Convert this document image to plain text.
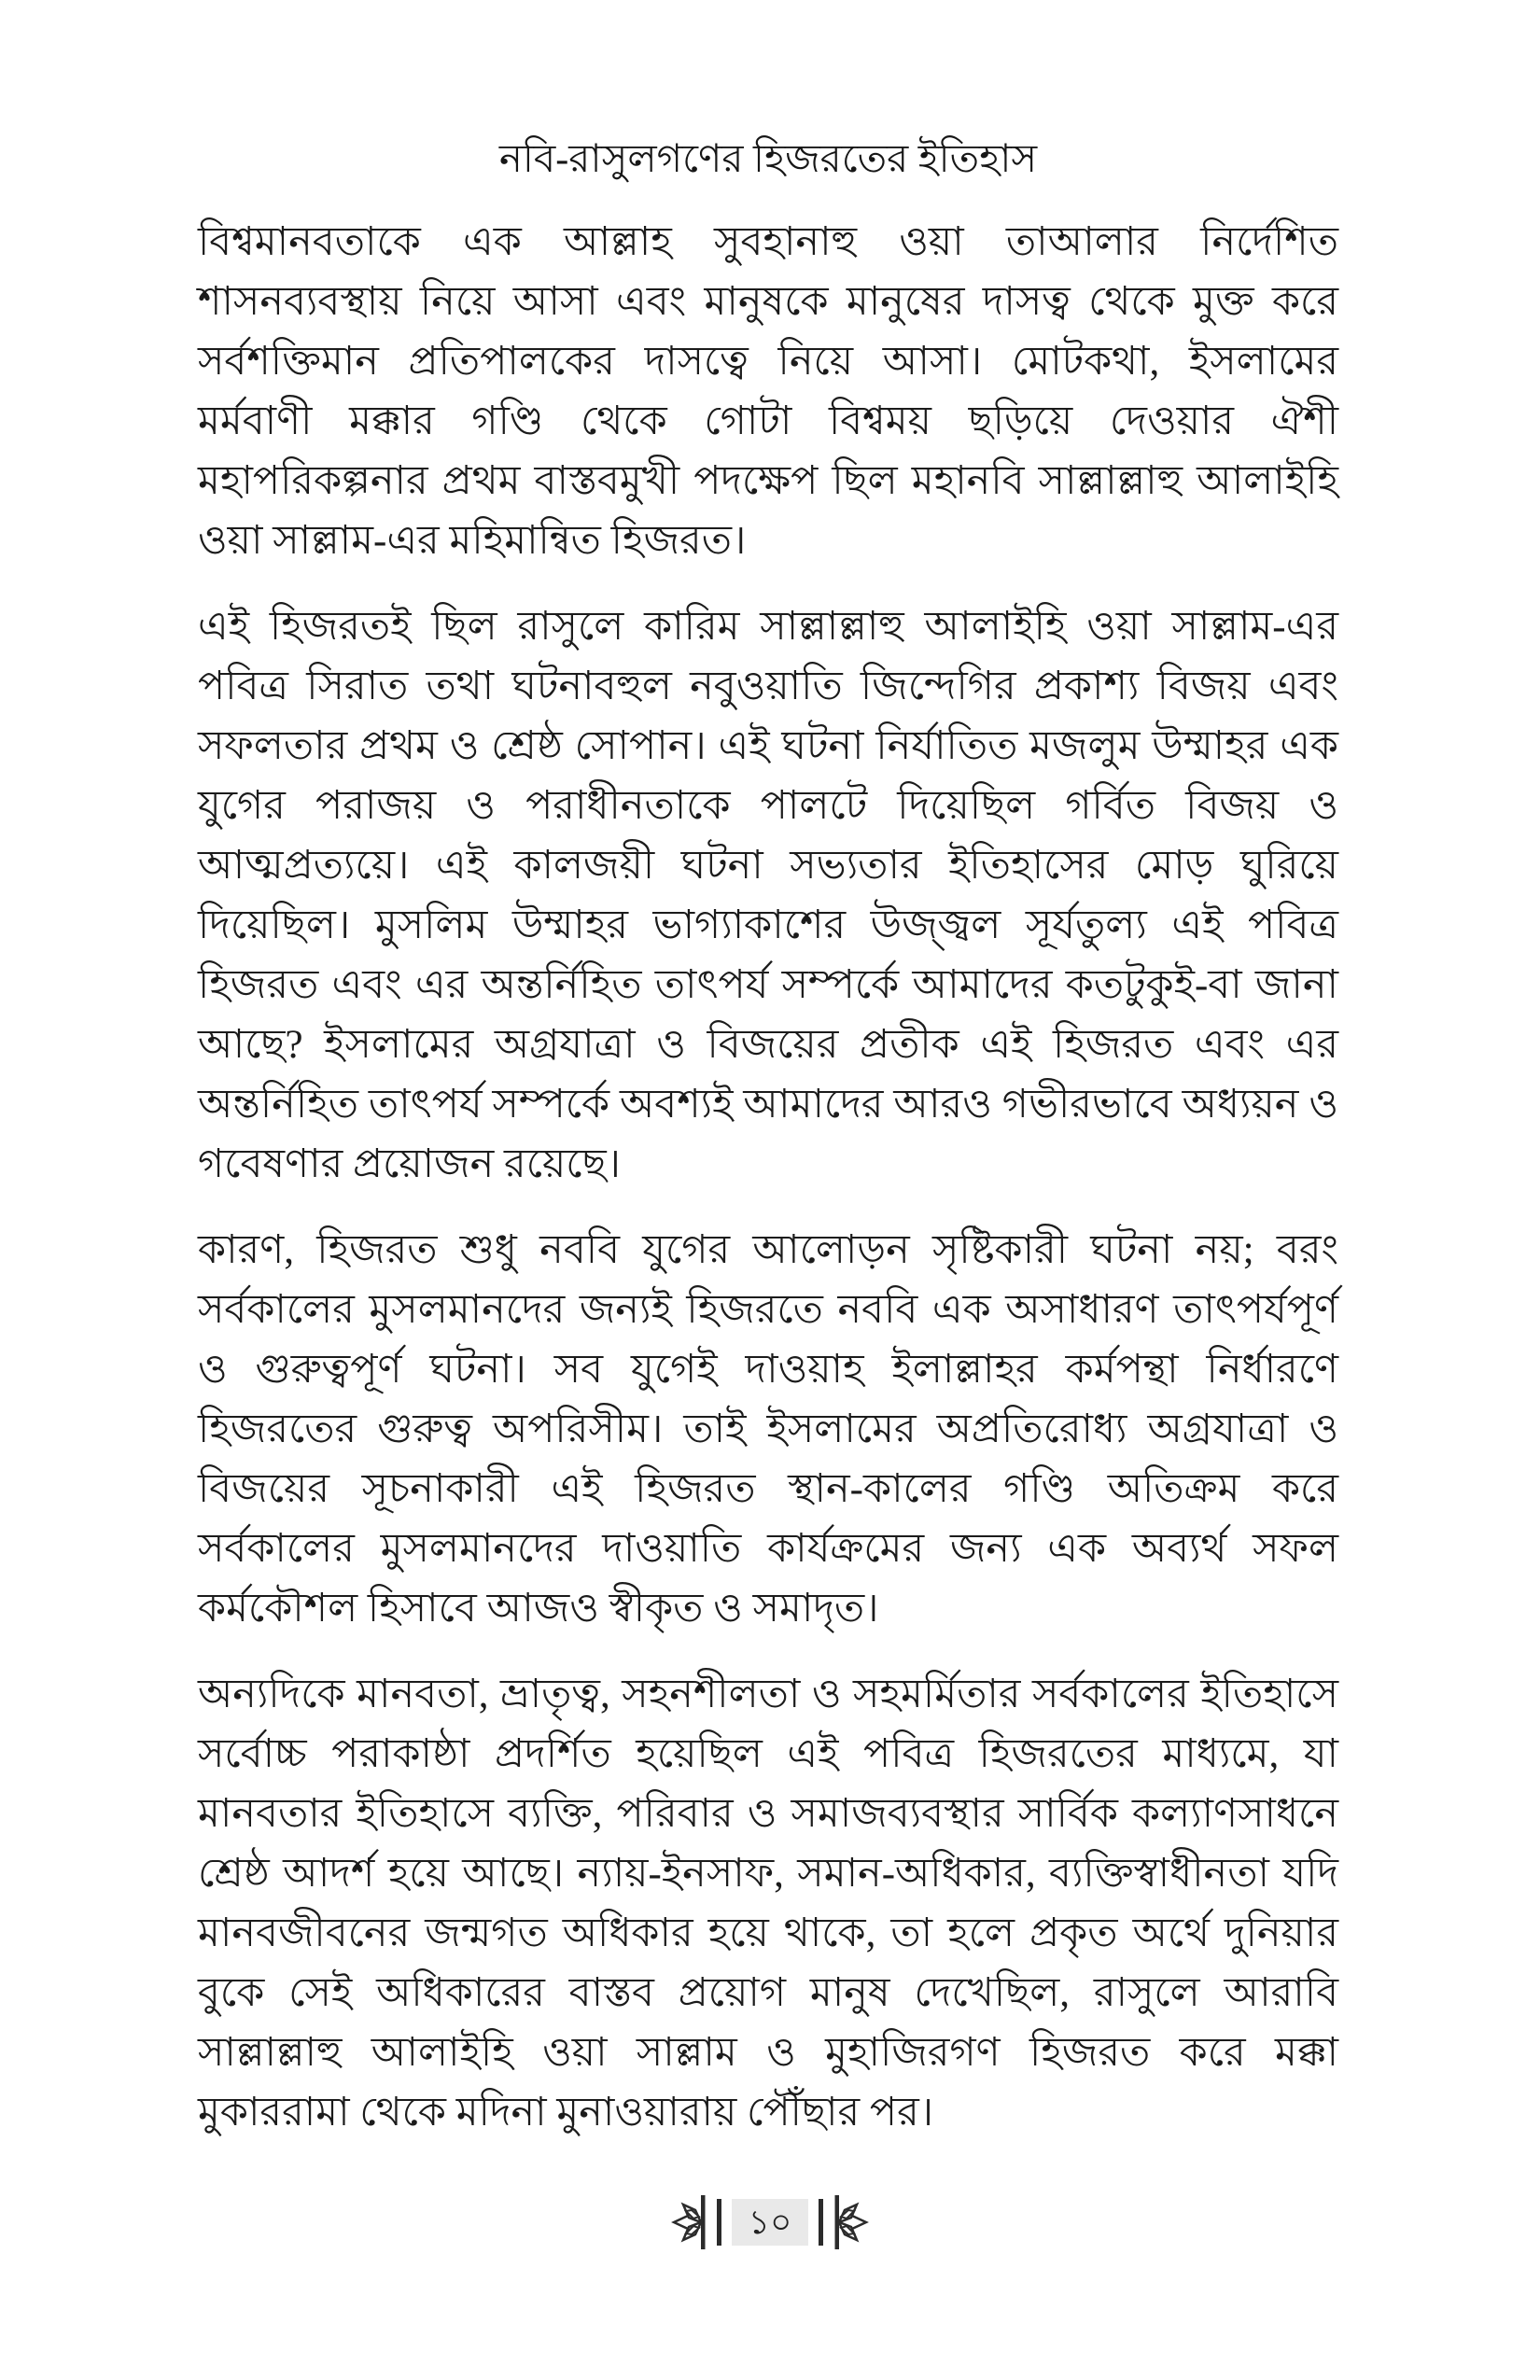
নবি-রাসুলগণের হিজরতের ইতিহাস

বিশ্বমানবতাকে এক আল্লাহ সুবহানাহু ওয়া তাআলার নির্দেশিত শাসনব্যবস্থায় নিয়ে আসা এবং মানুষকে মানুষের দাসত্ব থেকে মুক্ত করে সর্বশক্তিমান প্রতিপালকের দাসত্বে নিয়ে আসা। মোটকথা, ইসলামের মর্মবাণী মক্কার গণ্ডি থেকে গোটা বিশ্বময় ছড়িয়ে দেওয়ার ঐশী মহাপরিকল্পনার প্রথম বাস্তবমুখী পদক্ষেপ ছিল মহানবি সাল্লাল্লাহু আলাইহি ওয়া সাল্লাম-এর মহিমান্বিত হিজরত।

এই হিজরতই ছিল রাসুলে কারিম সাল্লাল্লাহু আলাইহি ওয়া সাল্লাম-এর পবিত্র সিরাত তথা ঘটনাবহুল নবুওয়াতি জিন্দেগির প্রকাশ্য বিজয় এবং সফলতার প্রথম ও শ্রেষ্ঠ সোপান। এই ঘটনা নির্যাতিত মজলুম উম্মাহর এক যুগের পরাজয় ও পরাধীনতাকে পালটে দিয়েছিল গর্বিত বিজয় ও আত্মপ্রত্যয়ে। এই কালজয়ী ঘটনা সভ্যতার ইতিহাসের মোড় ঘুরিয়ে দিয়েছিল। মুসলিম উম্মাহর ভাগ্যাকাশের উজ্জ্বল সূর্যতুল্য এই পবিত্র হিজরত এবং এর অন্তর্নিহিত তাৎপর্য সম্পর্কে আমাদের কতটুকুই-বা জানা আছে? ইসলামের অগ্রযাত্রা ও বিজয়ের প্রতীক এই হিজরত এবং এর অন্তর্নিহিত তাৎপর্য সম্পর্কে অবশ্যই আমাদের আরও গভীরভাবে অধ্যয়ন ও গবেষণার প্রয়োজন রয়েছে।

কারণ, হিজরত শুধু নববি যুগের আলোড়ন সৃষ্টিকারী ঘটনা নয়; বরং সর্বকালের মুসলমানদের জন্যই হিজরতে নববি এক অসাধারণ তাৎপর্যপূর্ণ ও গুরুত্বপূর্ণ ঘটনা। সব যুগেই দাওয়াহ ইলাল্লাহর কর্মপন্থা নির্ধারণে হিজরতের গুরুত্ব অপরিসীম। তাই ইসলামের অপ্রতিরোধ্য অগ্রযাত্রা ও বিজয়ের সূচনাকারী এই হিজরত স্থান-কালের গণ্ডি অতিক্রম করে সর্বকালের মুসলমানদের দাওয়াতি কার্যক্রমের জন্য এক অব্যর্থ সফল কর্মকৌশল হিসাবে আজও স্বীকৃত ও সমাদৃত।

অন্যদিকে মানবতা, ভ্রাতৃত্ব, সহনশীলতা ও সহমর্মিতার সর্বকালের ইতিহাসে সর্বোচ্চ পরাকাষ্ঠা প্রদর্শিত হয়েছিল এই পবিত্র হিজরতের মাধ্যমে, যা মানবতার ইতিহাসে ব্যক্তি, পরিবার ও সমাজব্যবস্থার সার্বিক কল্যাণসাধনে শ্রেষ্ঠ আদর্শ হয়ে আছে। ন্যায়-ইনসাফ, সমান-অধিকার, ব্যক্তিস্বাধীনতা যদি মানবজীবনের জন্মগত অধিকার হয়ে থাকে, তা হলে প্রকৃত অর্থে দুনিয়ার বুকে সেই অধিকারের বাস্তব প্রয়োগ মানুষ দেখেছিল, রাসুলে আরাবি সাল্লাল্লাহু আলাইহি ওয়া সাল্লাম ও মুহাজিরগণ হিজরত করে মক্কা মুকাররামা থেকে মদিনা মুনাওয়ারায় পৌঁছার পর।

১০
